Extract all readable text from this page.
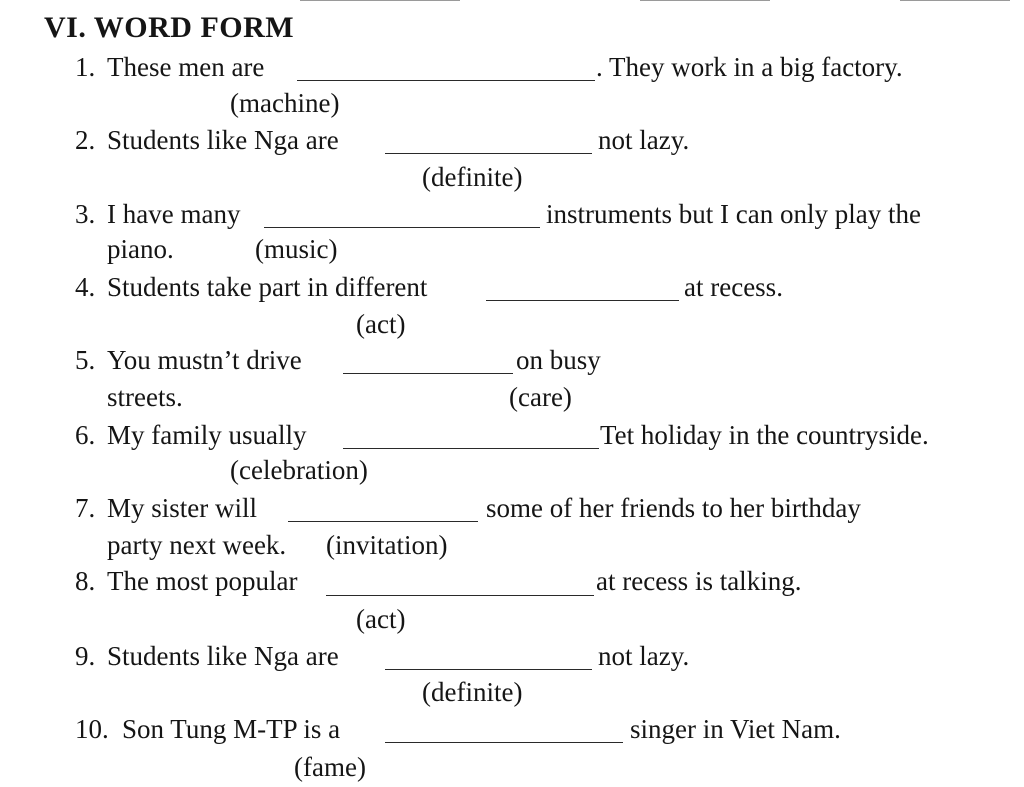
VI. WORD FORM
1. These men are	. They work in a big factory.
(machine)
2. Students like Nga are	not lazy.
(definite)
3. I have many	instruments but I can only play the
piano.	(music)
4. Students take part in different	at recess.
(act)
5. You mustn’t drive	on busy
streets.	(care)
6. My family usually	Tet holiday in the countryside.
(celebration)
7. My sister will	some of her friends to her birthday
party next week. (invitation)
8. The most popular	at recess is talking.
(act)
9. Students like Nga are	not lazy.
(definite)
10. Son Tung M-TP is a	singer in Viet Nam.
(fame)
